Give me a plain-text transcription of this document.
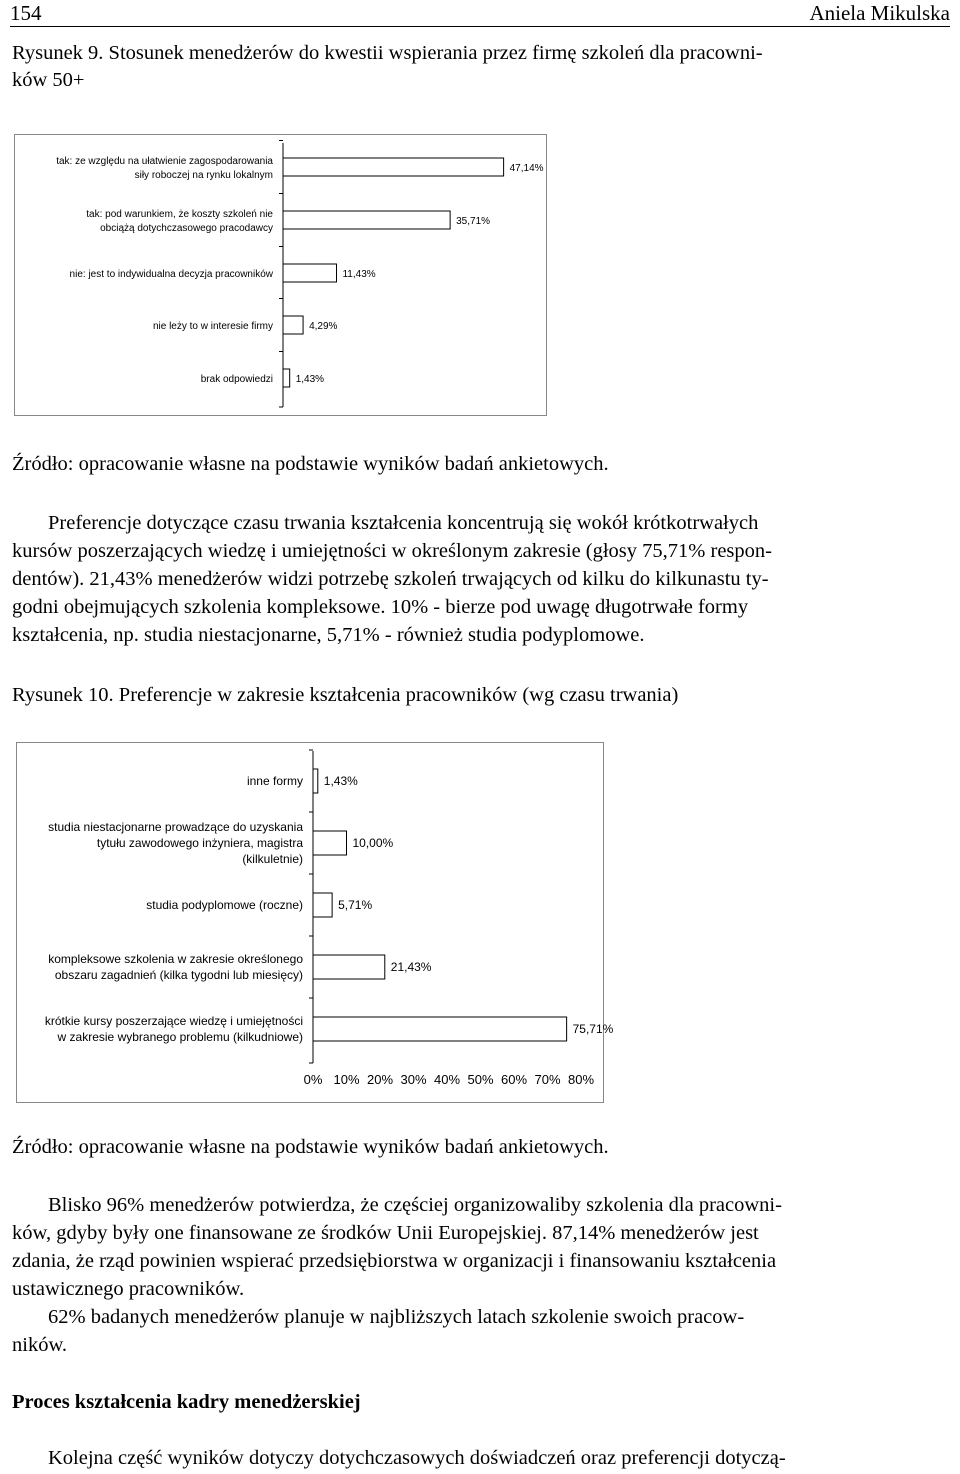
154	Aniela Mikulska
Rysunek 9. Stosunek menedżerów do kwestii wspierania przez firmę szkoleń dla pracowni-
ków 50+
47,14%
tak: ze względu na ułatwienie zagospodarowania
siły roboczej na rynku lokalnym
35,71%
tak: pod warunkiem, że koszty szkoleń nie
obciążą dotychczasowego pracodawcy
11,43%
nie: jest to indywidualna decyzja pracowników
4,29%
nie leży to w interesie firmy
1,43%
brak odpowiedzi
Źródło: opracowanie własne na podstawie wyników badań ankietowych.
Preferencje dotyczące czasu trwania kształcenia koncentrują się wokół krótkotrwałych
kursów poszerzających wiedzę i umiejętności w określonym zakresie (głosy 75,71% respon-
dentów). 21,43% menedżerów widzi potrzebę szkoleń trwających od kilku do kilkunastu ty-
godni obejmujących szkolenia kompleksowe. 10% - bierze pod uwagę długotrwałe formy
kształcenia, np. studia niestacjonarne, 5,71% - również studia podyplomowe.
Rysunek 10. Preferencje w zakresie kształcenia pracowników (wg czasu trwania)
1,43%
inne formy
10,00%
studia niestacjonarne prowadzące do uzyskania
tytułu zawodowego inżyniera, magistra
(kilkuletnie)
5,71%
studia podyplomowe (roczne)
21,43%
kompleksowe szkolenia w zakresie określonego
obszaru zagadnień (kilka tygodni lub miesięcy)
75,71%
krótkie kursy poszerzające wiedzę i umiejętności
w zakresie wybranego problemu (kilkudniowe)
0% 10% 20% 30% 40% 50% 60% 70% 80%
Źródło: opracowanie własne na podstawie wyników badań ankietowych.
Blisko 96% menedżerów potwierdza, że częściej organizowaliby szkolenia dla pracowni-
ków, gdyby były one finansowane ze środków Unii Europejskiej. 87,14% menedżerów jest
zdania, że rząd powinien wspierać przedsiębiorstwa w organizacji i finansowaniu kształcenia
ustawicznego pracowników.
62% badanych menedżerów planuje w najbliższych latach szkolenie swoich pracow-
ników.
Proces kształcenia kadry menedżerskiej
Kolejna część wyników dotyczy dotychczasowych doświadczeń oraz preferencji dotyczą-
